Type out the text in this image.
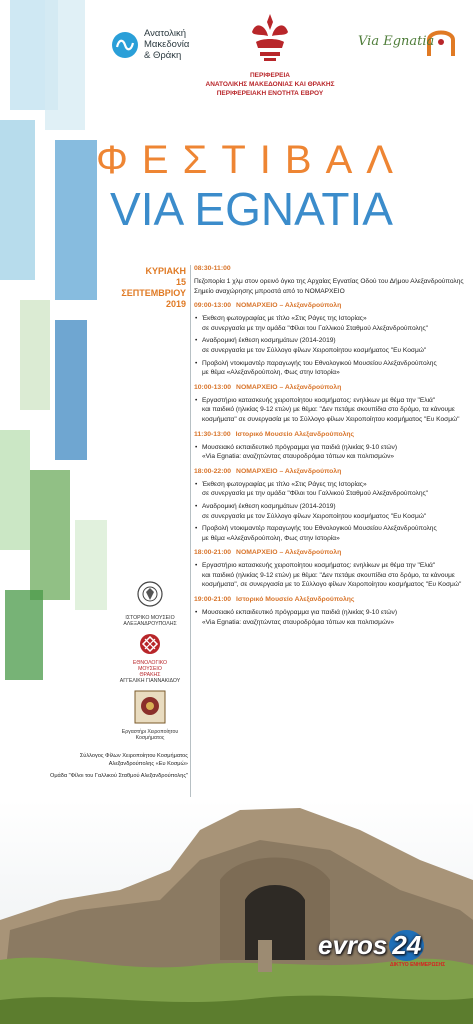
Ανατολική
Μακεδονία
& Θράκη
ΠΕΡΙΦΕΡΕΙΑ
ΑΝΑΤΟΛΙΚΗΣ ΜΑΚΕΔΟΝΙΑΣ ΚΑΙ ΘΡΑΚΗΣ
ΠΕΡΙΦΕΡΕΙΑΚΗ ΕΝΟΤΗΤΑ ΕΒΡΟΥ
Via Egnatia
ΦΕΣΤΙΒΑΛ
VIA EGNATIA
ΚΥΡΙΑΚΗ
15 ΣΕΠΤΕΜΒΡΙΟΥ
2019
08:30-11:00
Πεζοπορία 1 χλμ στον ορεινό όγκο της Αρχαίας Εγνατίας Οδού του Δήμου Αλεξανδρούπολης
Σημείο αναχώρησης μπροστά από το ΝΟΜΑΡΧΕΙΟ
09:00-13:00 ΝΟΜΑΡΧΕΙΟ – Αλεξανδρούπολη
• Έκθεση φωτογραφίας με τίτλο «Στις Ράγες της Ιστορίας»
σε συνεργασία με την ομάδα "Φίλοι του Γαλλικού Σταθμού Αλεξανδρούπολης"
• Αναδρομική έκθεση κοσμημάτων (2014-2019)
σε συνεργασία με τον Σύλλογο φίλων Χειροποίητου κοσμήματος "Ευ Κοσμώ"
• Προβολή ντοκιμαντέρ παραγωγής του Εθνολογικού Μουσείου Αλεξανδρούπολης
με θέμα «Αλεξανδρούπολη, Φως στην Ιστορία»
10:00-13:00 ΝΟΜΑΡΧΕΙΟ – Αλεξανδρούπολη
• Εργαστήριο κατασκευής χειροποίητου κοσμήματος: ενηλίκων με θέμα την "Ελιά"
και παιδικό (ηλικίας 9-12 ετών) με θέμα: "Δεν πετάμε σκουπίδια στο δρόμο, τα κάνουμε
κοσμήματα" σε συνεργασία με το Σύλλογο φίλων Χειροποίητου κοσμήματος "Ευ Κοσμώ"
11:30-13:00 Ιστορικό Μουσείο Αλεξανδρούπολης
• Μουσειακό εκπαιδευτικό πρόγραμμα για παιδιά (ηλικίας 9-10 ετών)
«Via Egnatia: αναζητώντας σταυροδρόμια τόπων και πολιτισμών»
18:00-22:00 ΝΟΜΑΡΧΕΙΟ – Αλεξανδρούπολη
• Έκθεση φωτογραφίας με τίτλο «Στις Ράγες της Ιστορίας»
σε συνεργασία με την ομάδα "Φίλοι του Γαλλικού Σταθμού Αλεξανδρούπολης"
• Αναδρομική έκθεση κοσμημάτων (2014-2019)
σε συνεργασία με τον Σύλλογο φίλων Χειροποίητου κοσμήματος "Ευ Κοσμώ"
• Προβολή ντοκιμαντέρ παραγωγής του Εθνολογικού Μουσείου Αλεξανδρούπολης
με θέμα «Αλεξανδρούπολη, Φως στην Ιστορία»
18:00-21:00 ΝΟΜΑΡΧΕΙΟ – Αλεξανδρούπολη
• Εργαστήριο κατασκευής χειροποίητου κοσμήματος: ενηλίκων με θέμα την "Ελιά"
και παιδικό (ηλικίας 9-12 ετών) με θέμα: "Δεν πετάμε σκουπίδια στο δρόμο, τα κάνουμε
κοσμήματα", σε συνεργασία με το Σύλλογο φίλων Χειροποίητου κοσμήματος "Ευ Κοσμώ"
19:00-21:00 Ιστορικό Μουσείο Αλεξανδρούπολης
• Μουσειακό εκπαιδευτικό πρόγραμμα για παιδιά (ηλικίας 9-10 ετών)
«Via Egnatia: αναζητώντας σταυροδρόμια τόπων και πολιτισμών»
ΙΣΤΟΡΙΚΟ ΜΟΥΣΕΙΟ
ΑΛΕΞΑΝΔΡΟΥΠΟΛΗΣ
ΕΘΝΟΛΟΓΙΚΟ
ΜΟΥΣΕΙΟ
ΘΡΑΚΗΣ
ΑΓΓΕΛΙΚΗ ΓΙΑΝΝΑΚΙΔΟΥ
Εργαστήρι Χειροποίητου
Κοσμήματος
Σύλλογος Φίλων Χειροποίητου Κοσμήματος
Αλεξανδρούπολης «Ευ Κοσμώ»
Ομάδα "Φίλοι του Γαλλικού Σταθμού Αλεξανδρούπολης"
evros 24
ΔΙΚΤΥΟ ΕΝΗΜΕΡΩΣΗΣ
